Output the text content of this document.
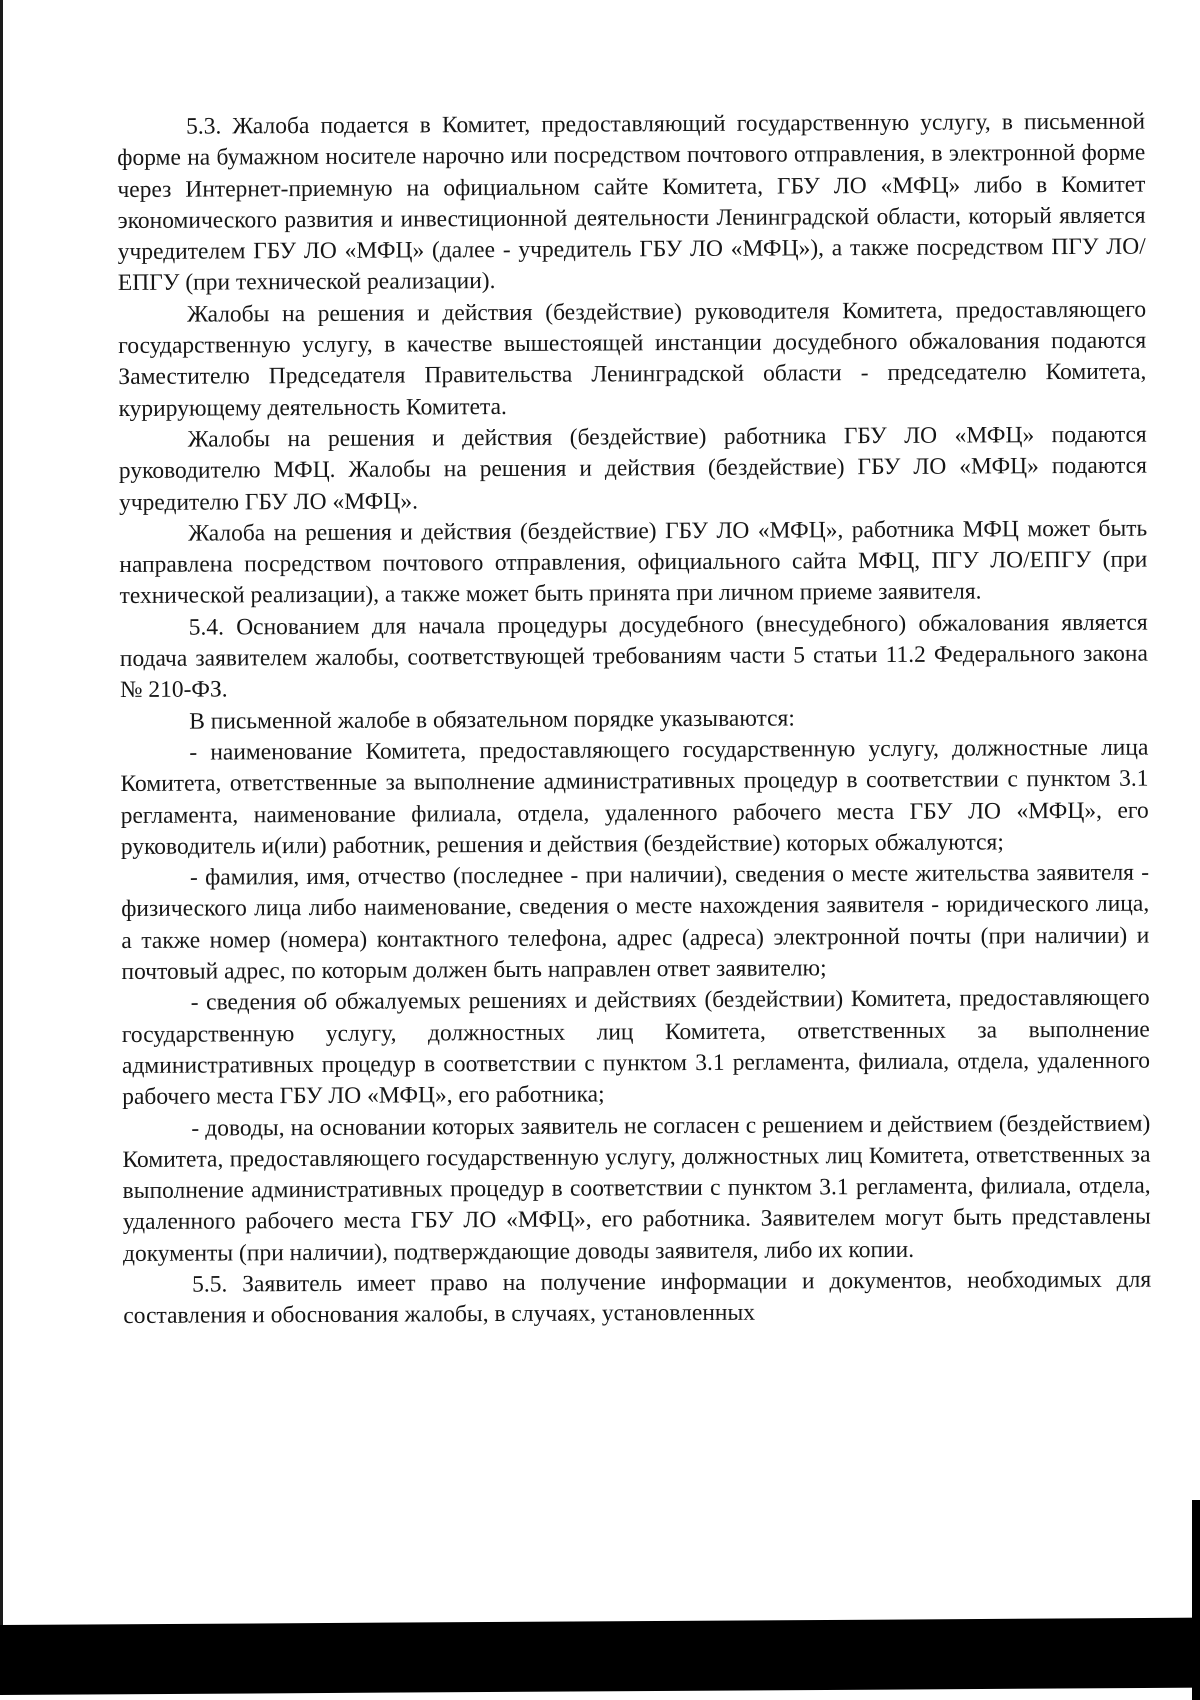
5.3. Жалоба подается в Комитет, предоставляющий государственную услугу, в письменной форме на бумажном носителе нарочно или посредством почтового отправления, в электронной форме через Интернет-приемную на официальном сайте Комитета, ГБУ ЛО «МФЦ» либо в Комитет экономического развития и инвестиционной деятельности Ленинградской области, который является учредителем ГБУ ЛО «МФЦ» (далее - учредитель ГБУ ЛО «МФЦ»), а также посредством ПГУ ЛО/ЕПГУ (при технической реализации).

Жалобы на решения и действия (бездействие) руководителя Комитета, предоставляющего государственную услугу, в качестве вышестоящей инстанции досудебного обжалования подаются Заместителю Председателя Правительства Ленинградской области - председателю Комитета, курирующему деятельность Комитета.

Жалобы на решения и действия (бездействие) работника ГБУ ЛО «МФЦ» подаются руководителю МФЦ. Жалобы на решения и действия (бездействие) ГБУ ЛО «МФЦ» подаются учредителю ГБУ ЛО «МФЦ».

Жалоба на решения и действия (бездействие) ГБУ ЛО «МФЦ», работника МФЦ может быть направлена посредством почтового отправления, официального сайта МФЦ, ПГУ ЛО/ЕПГУ (при технической реализации), а также может быть принята при личном приеме заявителя.

5.4. Основанием для начала процедуры досудебного (внесудебного) обжалования является подача заявителем жалобы, соответствующей требованиям части 5 статьи 11.2 Федерального закона № 210-ФЗ.

В письменной жалобе в обязательном порядке указываются:

- наименование Комитета, предоставляющего государственную услугу, должностные лица Комитета, ответственные за выполнение административных процедур в соответствии с пунктом 3.1 регламента, наименование филиала, отдела, удаленного рабочего места ГБУ ЛО «МФЦ», его руководитель и(или) работник, решения и действия (бездействие) которых обжалуются;

- фамилия, имя, отчество (последнее - при наличии), сведения о месте жительства заявителя - физического лица либо наименование, сведения о месте нахождения заявителя - юридического лица, а также номер (номера) контактного телефона, адрес (адреса) электронной почты (при наличии) и почтовый адрес, по которым должен быть направлен ответ заявителю;

- сведения об обжалуемых решениях и действиях (бездействии) Комитета, предоставляющего государственную услугу, должностных лиц Комитета, ответственных за выполнение административных процедур в соответствии с пунктом 3.1 регламента, филиала, отдела, удаленного рабочего места ГБУ ЛО «МФЦ», его работника;

- доводы, на основании которых заявитель не согласен с решением и действием (бездействием) Комитета, предоставляющего государственную услугу, должностных лиц Комитета, ответственных за выполнение административных процедур в соответствии с пунктом 3.1 регламента, филиала, отдела, удаленного рабочего места ГБУ ЛО «МФЦ», его работника. Заявителем могут быть представлены документы (при наличии), подтверждающие доводы заявителя, либо их копии.

5.5. Заявитель имеет право на получение информации и документов, необходимых для составления и обоснования жалобы, в случаях, установленных
